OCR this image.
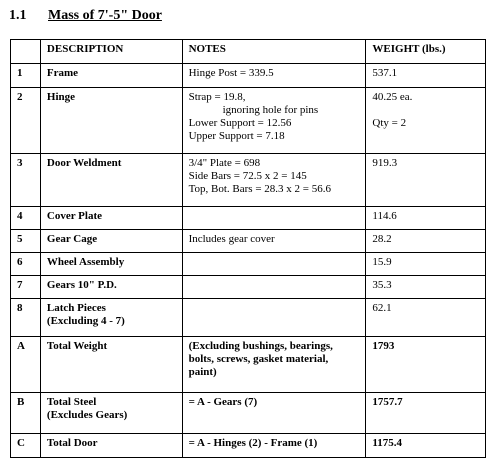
1.1 Mass of 7'-5" Door
	DESCRIPTION	NOTES	WEIGHT (lbs.)
1	Frame	Hinge Post = 339.5	537.1

2	Hinge	Strap = 19.8,
ignoring hole for pins
Lower Support = 12.56
Upper Support = 7.18	40.25 ea.
Qty = 2

3	Door Weldment	3/4" Plate = 698
Side Bars = 72.5 x 2 = 145
Top, Bot. Bars = 28.3 x 2 = 56.6	919.3

4	Cover Plate		114.6

5	Gear Cage	Includes gear cover	28.2

6	Wheel Assembly		15.9

7	Gears 10" P.D.		35.3

8	Latch Pieces
(Excluding 4 - 7)		62.1

A	Total Weight	(Excluding bushings, bearings,
bolts, screws, gasket material,
paint)	1793

B	Total Steel
(Excludes Gears)	= A - Gears (7)	1757.7

C	Total Door	= A - Hinges (2) - Frame (1)	1175.4
